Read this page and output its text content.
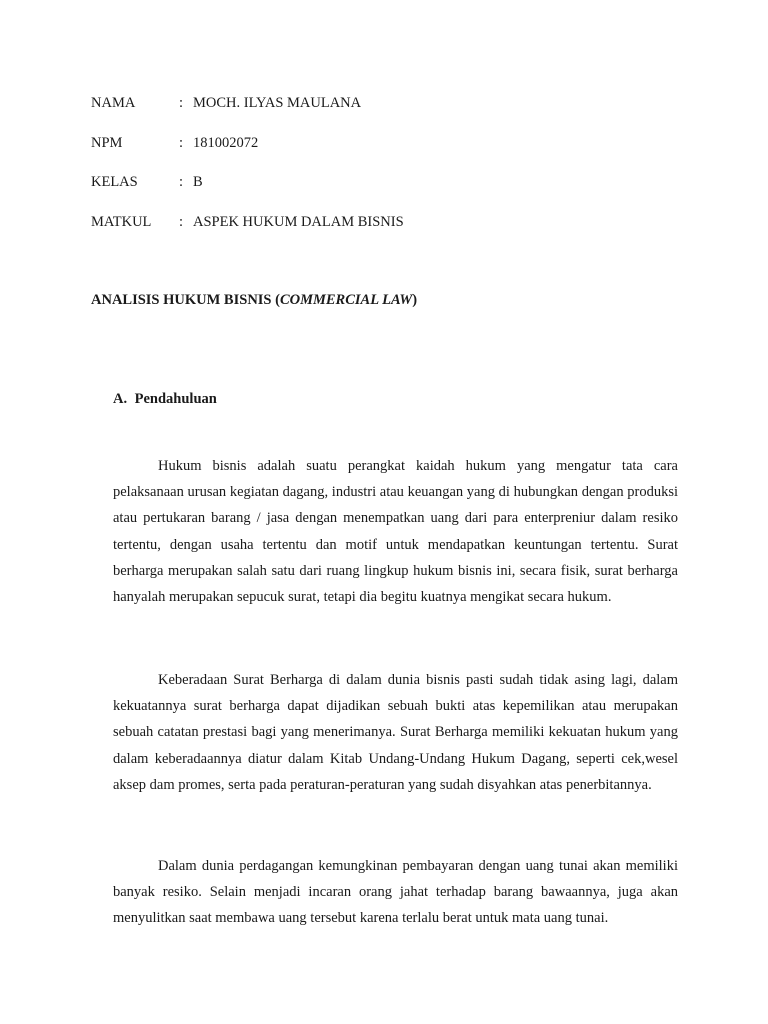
NAMA	: MOCH. ILYAS MAULANA
NPM	: 181002072
KELAS	: B
MATKUL	: ASPEK HUKUM DALAM BISNIS
ANALISIS HUKUM BISNIS (COMMERCIAL LAW)
A. Pendahuluan

Hukum bisnis adalah suatu perangkat kaidah hukum yang mengatur tata cara pelaksanaan urusan kegiatan dagang, industri atau keuangan yang di hubungkan dengan produksi atau pertukaran barang / jasa dengan menempatkan uang dari para enterpreniur dalam resiko tertentu, dengan usaha tertentu dan motif untuk mendapatkan keuntungan tertentu. Surat berharga merupakan salah satu dari ruang lingkup hukum bisnis ini, secara fisik, surat berharga hanyalah merupakan sepucuk surat, tetapi dia begitu kuatnya mengikat secara hukum.

Keberadaan Surat Berharga di dalam dunia bisnis pasti sudah tidak asing lagi, dalam kekuatannya surat berharga dapat dijadikan sebuah bukti atas kepemilikan atau merupakan sebuah catatan prestasi bagi yang menerimanya. Surat Berharga memiliki kekuatan hukum yang dalam keberadaannya diatur dalam Kitab Undang-Undang Hukum Dagang, seperti cek,wesel aksep dam promes, serta pada peraturan-peraturan yang sudah disyahkan atas penerbitannya.

Dalam dunia perdagangan kemungkinan pembayaran dengan uang tunai akan memiliki banyak resiko. Selain menjadi incaran orang jahat terhadap barang bawaannya, juga akan menyulitkan saat membawa uang tersebut karena terlalu berat untuk mata uang tunai.
